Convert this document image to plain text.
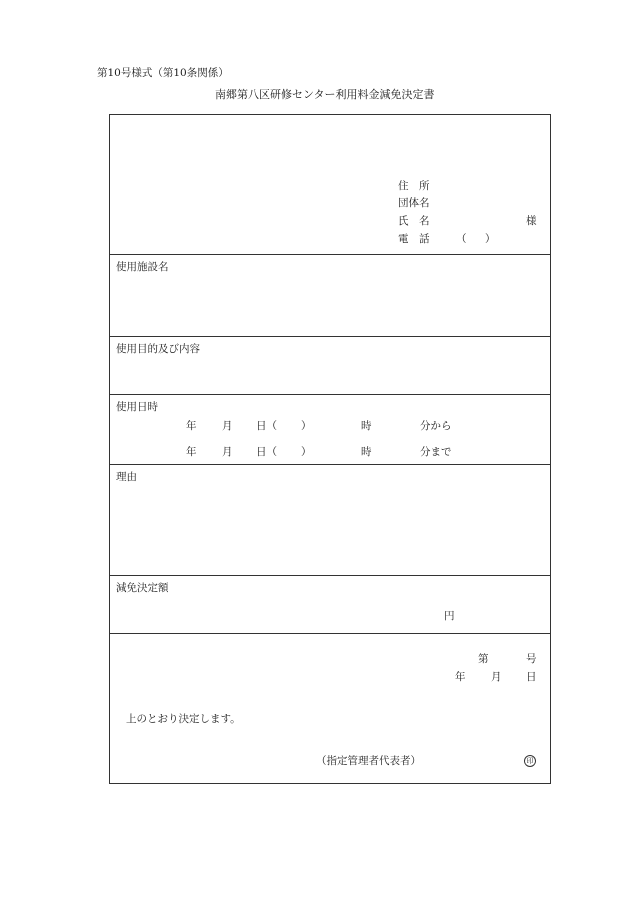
第10号様式（第10条関係）
南郷第八区研修センター利用料金減免決定書
住　所
団体名
氏　名	様
電　話	（ ）
使用施設名
使用目的及び内容
使用日時
年 月 日（ ）	時	分から
年 月 日（ ）	時	分まで
理由
減免決定額
円
第	号
年 月 日
上のとおり決定します。
（指定管理者代表者）	印
